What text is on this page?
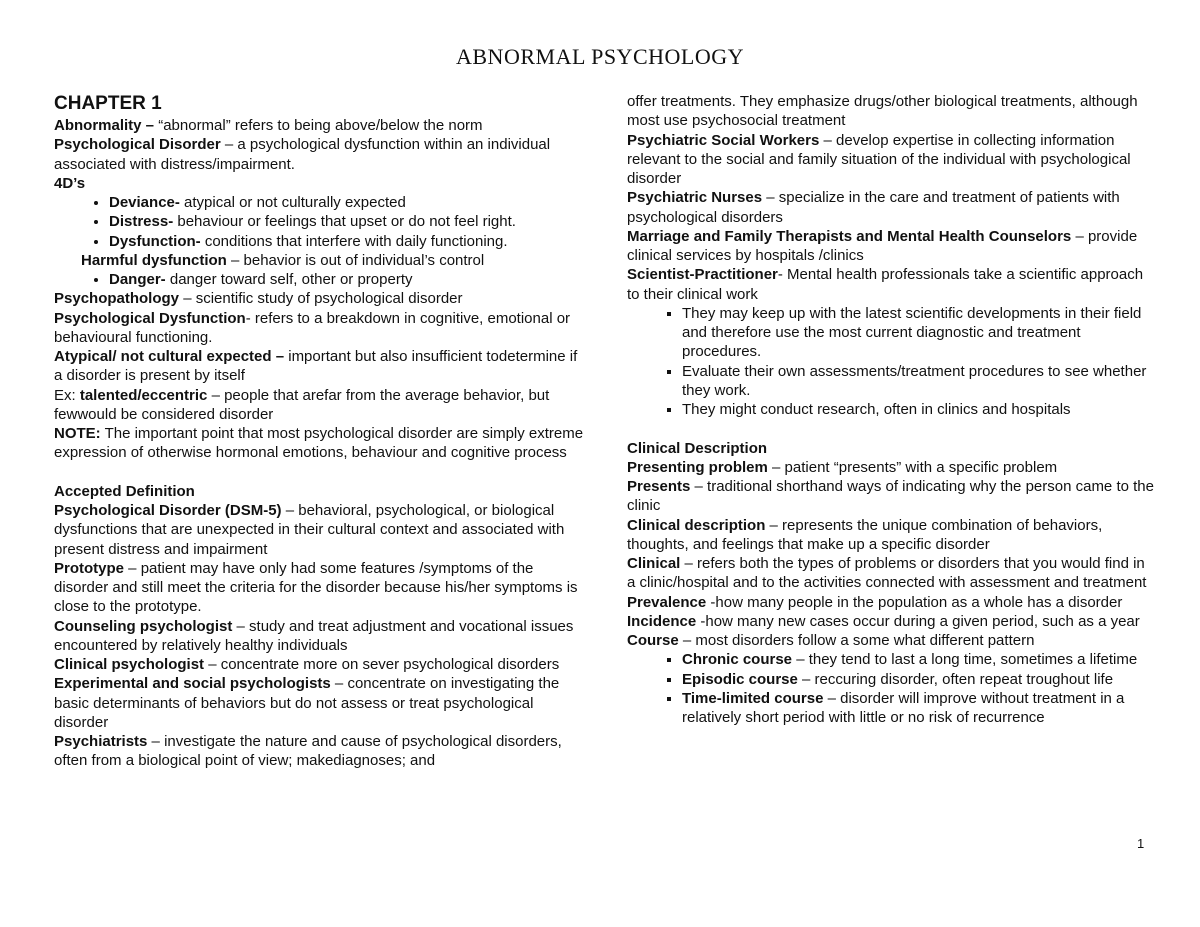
ABNORMAL PSYCHOLOGY
CHAPTER 1

Abnormality – “abnormal” refers to being above/below the norm

Psychological Disorder – a psychological dysfunction within an individual associated with distress/impairment.

4D’s

• Deviance- atypical or not culturally expected
• Distress- behaviour or feelings that upset or do not feel right.
• Dysfunction- conditions that interfere with daily functioning.

Harmful dysfunction – behavior is out of individual’s control

• Danger- danger toward self, other or property

Psychopathology – scientific study of psychological disorder

Psychological Dysfunction- refers to a breakdown in cognitive, emotional or behavioural functioning.

Atypical/ not cultural expected – important but also insufficient todetermine if a disorder is present by itself

Ex: talented/eccentric – people that arefar from the average behavior, but fewwould be considered disorder

NOTE: The important point that most psychological disorder are simply extreme expression of otherwise hormonal emotions, behaviour and cognitive process

Accepted Definition

Psychological Disorder (DSM-5) – behavioral, psychological, or biological dysfunctions that are unexpected in their cultural context and associated with present distress and impairment

Prototype – patient may have only had some features /symptoms of the disorder and still meet the criteria for the disorder because his/her symptoms is close to the prototype.

Counseling psychologist – study and treat adjustment and vocational issues encountered by relatively healthy individuals

Clinical psychologist – concentrate more on sever psychological disorders

Experimental and social psychologists – concentrate on investigating the basic determinants of behaviors but do not assess or treat psychological disorder

Psychiatrists – investigate the nature and cause of psychological disorders, often from a biological point of view; makediagnoses; and

offer treatments. They emphasize drugs/other biological treatments, although most use psychosocial treatment

Psychiatric Social Workers – develop expertise in collecting information relevant to the social and family situation of the individual with psychological disorder

Psychiatric Nurses – specialize in the care and treatment of patients with psychological disorders

Marriage and Family Therapists and Mental Health Counselors – provide clinical services by hospitals /clinics

Scientist-Practitioner- Mental health professionals take a scientific approach to their clinical work

▪ They may keep up with the latest scientific developments in their field and therefore use the most current diagnostic and treatment procedures.
▪ Evaluate their own assessments/treatment procedures to see whether they work.
▪ They might conduct research, often in clinics and hospitals

Clinical Description

Presenting problem – patient “presents” with a specific problem

Presents – traditional shorthand ways of indicating why the person came to the clinic

Clinical description – represents the unique combination of behaviors, thoughts, and feelings that make up a specific disorder

Clinical – refers both the types of problems or disorders that you would find in a clinic/hospital and to the activities connected with assessment and treatment

Prevalence -how many people in the population as a whole has a disorder

Incidence -how many new cases occur during a given period, such as a year

Course – most disorders follow a some what different pattern

▪ Chronic course – they tend to last a long time, sometimes a lifetime
▪ Episodic course – reccuring disorder, often repeat troughout life
▪ Time-limited course – disorder will improve without treatment in a relatively short period with little or no risk of recurrence
1
